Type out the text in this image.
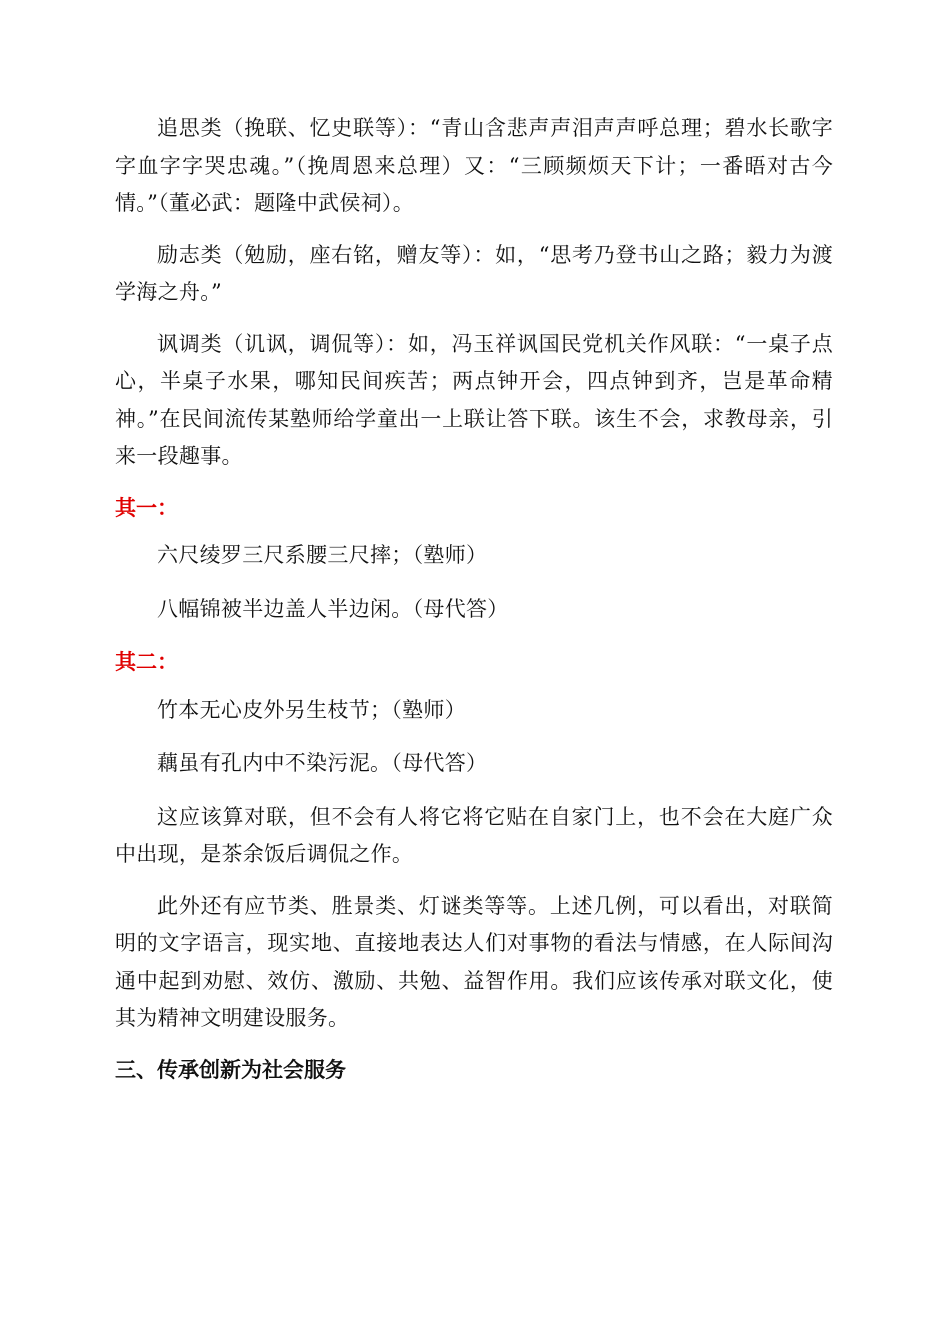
追思类（挽联、忆史联等）：“青山含悲声声泪声声呼总理；碧水长歌字字血字字哭忠魂。”（挽周恩来总理）又：“三顾频烦天下计；一番晤对古今情。”（董必武：题隆中武侯祠）。

励志类（勉励，座右铭，赠友等）：如，“思考乃登书山之路；毅力为渡学海之舟。”

讽调类（讥讽，调侃等）：如，冯玉祥讽国民党机关作风联：“一桌子点心，半桌子水果，哪知民间疾苦；两点钟开会，四点钟到齐，岂是革命精神。”在民间流传某塾师给学童出一上联让答下联。该生不会，求教母亲，引来一段趣事。

其一：

六尺绫罗三尺系腰三尺摔；（塾师）

八幅锦被半边盖人半边闲。（母代答）

其二：

竹本无心皮外另生枝节；（塾师）

藕虽有孔内中不染污泥。（母代答）

这应该算对联，但不会有人将它将它贴在自家门上，也不会在大庭广众中出现，是茶余饭后调侃之作。

此外还有应节类、胜景类、灯谜类等等。上述几例，可以看出，对联简明的文字语言，现实地、直接地表达人们对事物的看法与情感，在人际间沟通中起到劝慰、效仿、激励、共勉、益智作用。我们应该传承对联文化，使其为精神文明建设服务。

三、传承创新为社会服务
